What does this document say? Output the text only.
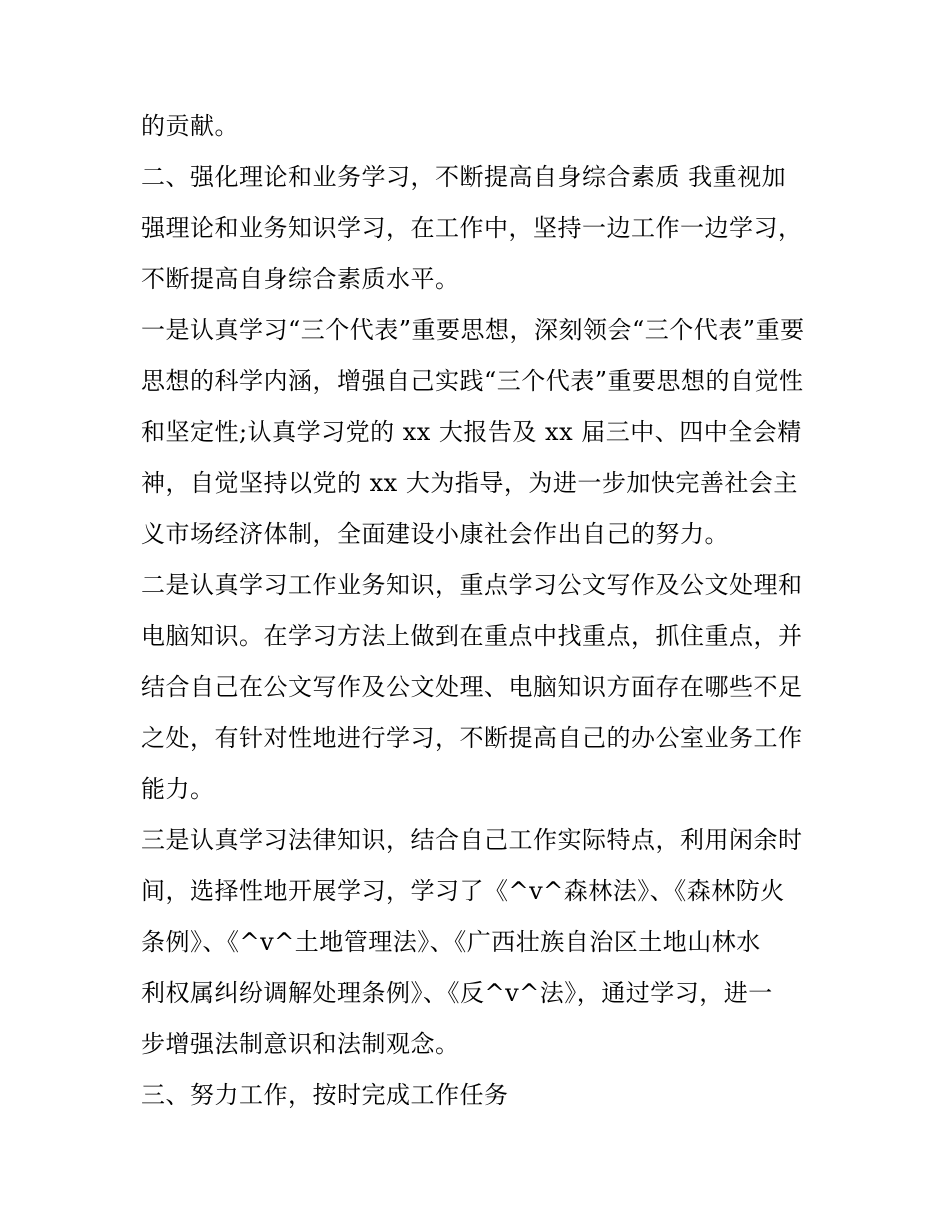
的贡献。
二、强化理论和业务学习，不断提高自身综合素质 我重视加
强理论和业务知识学习，在工作中，坚持一边工作一边学习，
不断提高自身综合素质水平。
一是认真学习“三个代表”重要思想，深刻领会“三个代表”重要
思想的科学内涵，增强自己实践“三个代表”重要思想的自觉性
和坚定性;认真学习党的 xx 大报告及 xx 届三中、四中全会精
神，自觉坚持以党的 xx 大为指导，为进一步加快完善社会主
义市场经济体制，全面建设小康社会作出自己的努力。
二是认真学习工作业务知识，重点学习公文写作及公文处理和
电脑知识。在学习方法上做到在重点中找重点，抓住重点，并
结合自己在公文写作及公文处理、电脑知识方面存在哪些不足
之处，有针对性地进行学习，不断提高自己的办公室业务工作
能力。
三是认真学习法律知识，结合自己工作实际特点，利用闲余时
间，选择性地开展学习，学习了《^v^森林法》、《森林防火
条例》、《^v^土地管理法》、《广西壮族自治区土地山林水
利权属纠纷调解处理条例》、《反^v^法》，通过学习，进一
步增强法制意识和法制观念。
三、努力工作，按时完成工作任务
